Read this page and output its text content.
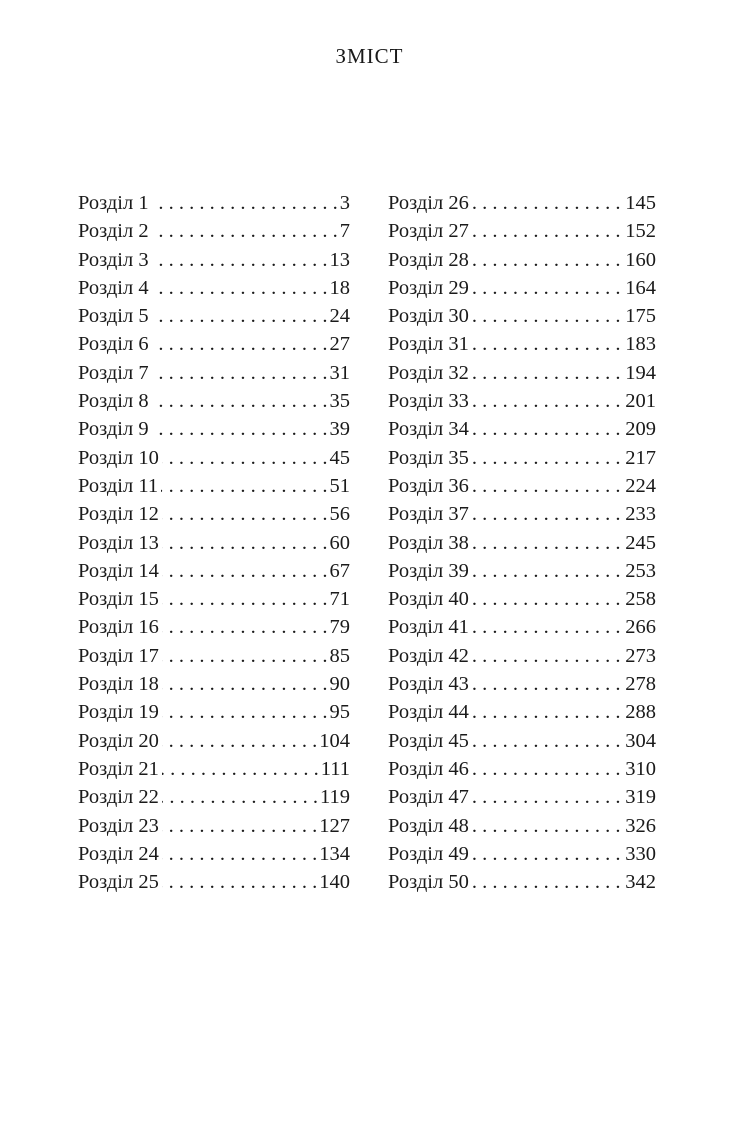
ЗМІСТ
Розділ 1 . . .	3
Розділ 2 . . .	7
Розділ 3 . . .	13
Розділ 4 . . .	18
Розділ 5 . . .	24
Розділ 6 . . .	27
Розділ 7 . . .	31
Розділ 8 . . .	35
Розділ 9 . . .	39
Розділ 10 . . .	45
Розділ 11 . . .	51
Розділ 12 . . .	56
Розділ 13 . . .	60
Розділ 14 . . .	67
Розділ 15 . . .	71
Розділ 16 . . .	79
Розділ 17 . . .	85
Розділ 18 . . .	90
Розділ 19 . . .	95
Розділ 20 . . .	104
Розділ 21 . . .	111
Розділ 22 . . .	119
Розділ 23 . . .	127
Розділ 24 . . .	134
Розділ 25 . . .	140
Розділ 26 . . .	145
Розділ 27 . . .	152
Розділ 28 . . .	160
Розділ 29 . . .	164
Розділ 30 . . .	175
Розділ 31 . . .	183
Розділ 32 . . .	194
Розділ 33 . . .	201
Розділ 34 . . .	209
Розділ 35 . . .	217
Розділ 36 . . .	224
Розділ 37 . . .	233
Розділ 38 . . .	245
Розділ 39 . . .	253
Розділ 40 . . .	258
Розділ 41 . . .	266
Розділ 42 . . .	273
Розділ 43 . . .	278
Розділ 44 . . .	288
Розділ 45 . . .	304
Розділ 46 . . .	310
Розділ 47 . . .	319
Розділ 48 . . .	326
Розділ 49 . . .	330
Розділ 50 . . .	342
